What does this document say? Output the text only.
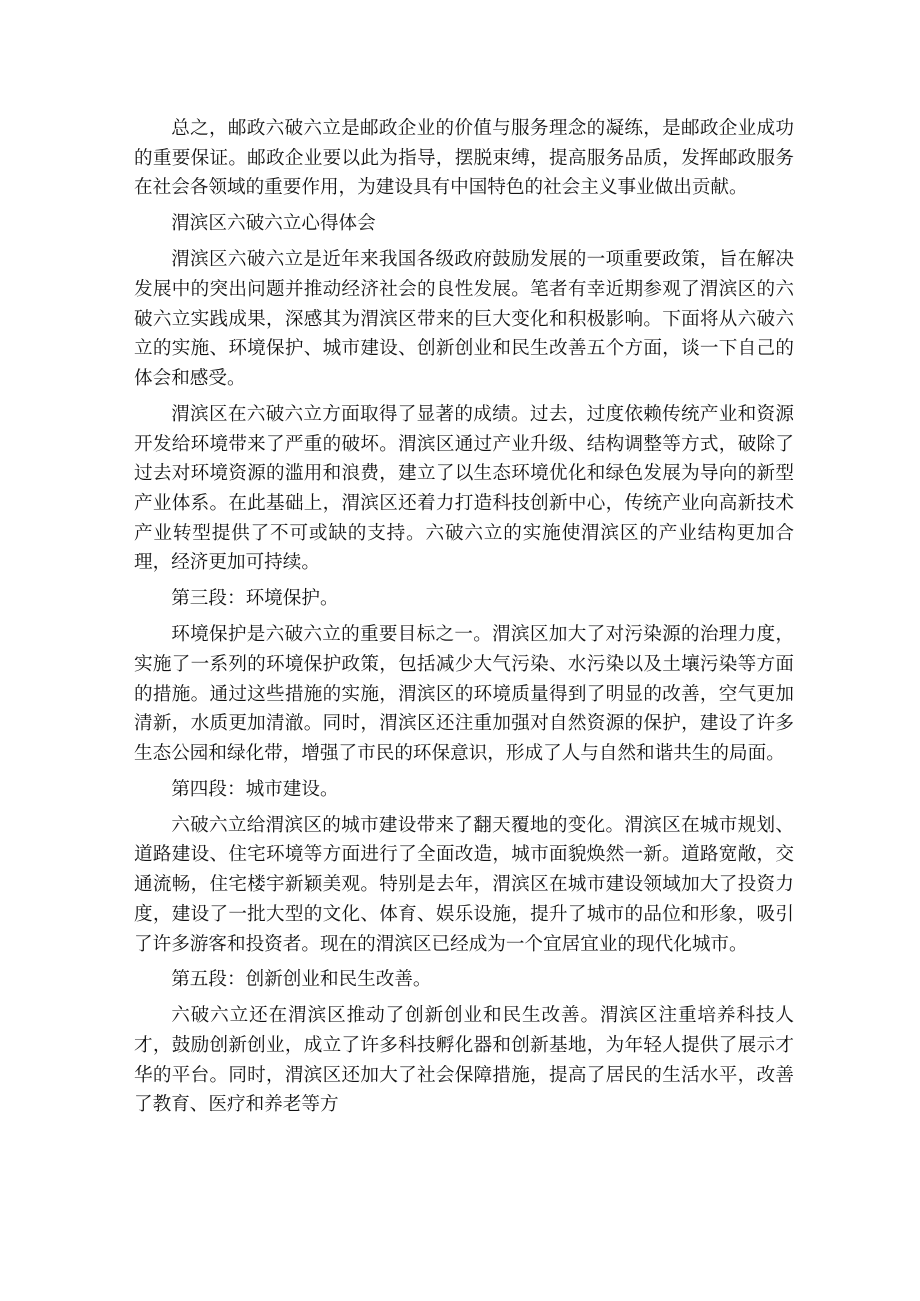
总之，邮政六破六立是邮政企业的价值与服务理念的凝练，是邮政企业成功的重要保证。邮政企业要以此为指导，摆脱束缚，提高服务品质，发挥邮政服务在社会各领域的重要作用，为建设具有中国特色的社会主义事业做出贡献。

渭滨区六破六立心得体会

渭滨区六破六立是近年来我国各级政府鼓励发展的一项重要政策，旨在解决发展中的突出问题并推动经济社会的良性发展。笔者有幸近期参观了渭滨区的六破六立实践成果，深感其为渭滨区带来的巨大变化和积极影响。下面将从六破六立的实施、环境保护、城市建设、创新创业和民生改善五个方面，谈一下自己的体会和感受。

渭滨区在六破六立方面取得了显著的成绩。过去，过度依赖传统产业和资源开发给环境带来了严重的破坏。渭滨区通过产业升级、结构调整等方式，破除了过去对环境资源的滥用和浪费，建立了以生态环境优化和绿色发展为导向的新型产业体系。在此基础上，渭滨区还着力打造科技创新中心，传统产业向高新技术产业转型提供了不可或缺的支持。六破六立的实施使渭滨区的产业结构更加合理，经济更加可持续。

第三段：环境保护。

环境保护是六破六立的重要目标之一。渭滨区加大了对污染源的治理力度，实施了一系列的环境保护政策，包括减少大气污染、水污染以及土壤污染等方面的措施。通过这些措施的实施，渭滨区的环境质量得到了明显的改善，空气更加清新，水质更加清澈。同时，渭滨区还注重加强对自然资源的保护，建设了许多生态公园和绿化带，增强了市民的环保意识，形成了人与自然和谐共生的局面。

第四段：城市建设。

六破六立给渭滨区的城市建设带来了翻天覆地的变化。渭滨区在城市规划、道路建设、住宅环境等方面进行了全面改造，城市面貌焕然一新。道路宽敞，交通流畅，住宅楼宇新颖美观。特别是去年，渭滨区在城市建设领域加大了投资力度，建设了一批大型的文化、体育、娱乐设施，提升了城市的品位和形象，吸引了许多游客和投资者。现在的渭滨区已经成为一个宜居宜业的现代化城市。

第五段：创新创业和民生改善。

六破六立还在渭滨区推动了创新创业和民生改善。渭滨区注重培养科技人才，鼓励创新创业，成立了许多科技孵化器和创新基地，为年轻人提供了展示才华的平台。同时，渭滨区还加大了社会保障措施，提高了居民的生活水平，改善了教育、医疗和养老等方
